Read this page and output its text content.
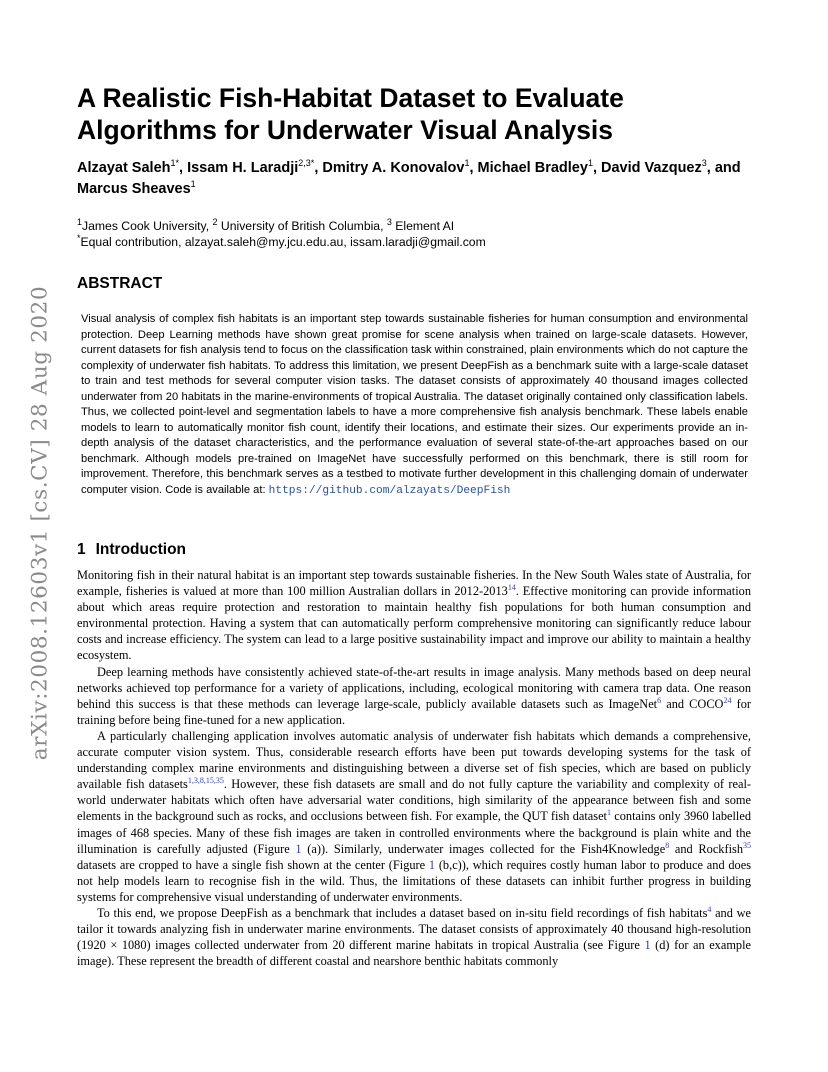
arXiv:2008.12603v1 [cs.CV] 28 Aug 2020
A Realistic Fish-Habitat Dataset to Evaluate Algorithms for Underwater Visual Analysis

Alzayat Saleh$^{1*}$, Issam H. Laradji$^{2,3*}$, Dmitry A. Konovalov$^1$, Michael Bradley$^1$, David Vazquez$^3$, and Marcus Sheaves$^1$

$^1$James Cook University, $^2$ University of British Columbia, $^3$ Element AI
*Equal contribution, alzayat.saleh@my.jcu.edu.au, issam.laradji@gmail.com
ABSTRACT

Visual analysis of complex fish habitats is an important step towards sustainable fisheries for human consumption and environmental protection. Deep Learning methods have shown great promise for scene analysis when trained on large-scale datasets. However, current datasets for fish analysis tend to focus on the classification task within constrained, plain environments which do not capture the complexity of underwater fish habitats. To address this limitation, we present DeepFish as a benchmark suite with a large-scale dataset to train and test methods for several computer vision tasks. The dataset consists of approximately 40 thousand images collected underwater from 20 habitats in the marine-environments of tropical Australia. The dataset originally contained only classification labels. Thus, we collected point-level and segmentation labels to have a more comprehensive fish analysis benchmark. These labels enable models to learn to automatically monitor fish count, identify their locations, and estimate their sizes. Our experiments provide an in-depth analysis of the dataset characteristics, and the performance evaluation of several state-of-the-art approaches based on our benchmark. Although models pre-trained on ImageNet have successfully performed on this benchmark, there is still room for improvement. Therefore, this benchmark serves as a testbed to motivate further development in this challenging domain of underwater computer vision. Code is available at: https://github.com/alzayats/DeepFish

1 Introduction

Monitoring fish in their natural habitat is an important step towards sustainable fisheries. In the New South Wales state of Australia, for example, fisheries is valued at more than 100 million Australian dollars in 2012-2013$^{14}$. Effective monitoring can provide information about which areas require protection and restoration to maintain healthy fish populations for both human consumption and environmental protection. Having a system that can automatically perform comprehensive monitoring can significantly reduce labour costs and increase efficiency. The system can lead to a large positive sustainability impact and improve our ability to maintain a healthy ecosystem.

Deep learning methods have consistently achieved state-of-the-art results in image analysis. Many methods based on deep neural networks achieved top performance for a variety of applications, including, ecological monitoring with camera trap data. One reason behind this success is that these methods can leverage large-scale, publicly available datasets such as ImageNet$^6$ and COCO$^{24}$ for training before being fine-tuned for a new application.

A particularly challenging application involves automatic analysis of underwater fish habitats which demands a comprehensive, accurate computer vision system. Thus, considerable research efforts have been put towards developing systems for the task of understanding complex marine environments and distinguishing between a diverse set of fish species, which are based on publicly available fish datasets$^{1,3,8,15,35}$. However, these fish datasets are small and do not fully capture the variability and complexity of real-world underwater habitats which often have adversarial water conditions, high similarity of the appearance between fish and some elements in the background such as rocks, and occlusions between fish. For example, the QUT fish dataset$^1$ contains only 3960 labelled images of 468 species. Many of these fish images are taken in controlled environments where the background is plain white and the illumination is carefully adjusted (Figure 1 (a)). Similarly, underwater images collected for the Fish4Knowledge$^8$ and Rockfish$^{35}$ datasets are cropped to have a single fish shown at the center (Figure 1 (b,c)), which requires costly human labor to produce and does not help models learn to recognise fish in the wild. Thus, the limitations of these datasets can inhibit further progress in building systems for comprehensive visual understanding of underwater environments.

To this end, we propose DeepFish as a benchmark that includes a dataset based on in-situ field recordings of fish habitats$^4$ and we tailor it towards analyzing fish in underwater marine environments. The dataset consists of approximately 40 thousand high-resolution (1920 × 1080) images collected underwater from 20 different marine habitats in tropical Australia (see Figure 1 (d) for an example image). These represent the breadth of different coastal and nearshore benthic habitats commonly
